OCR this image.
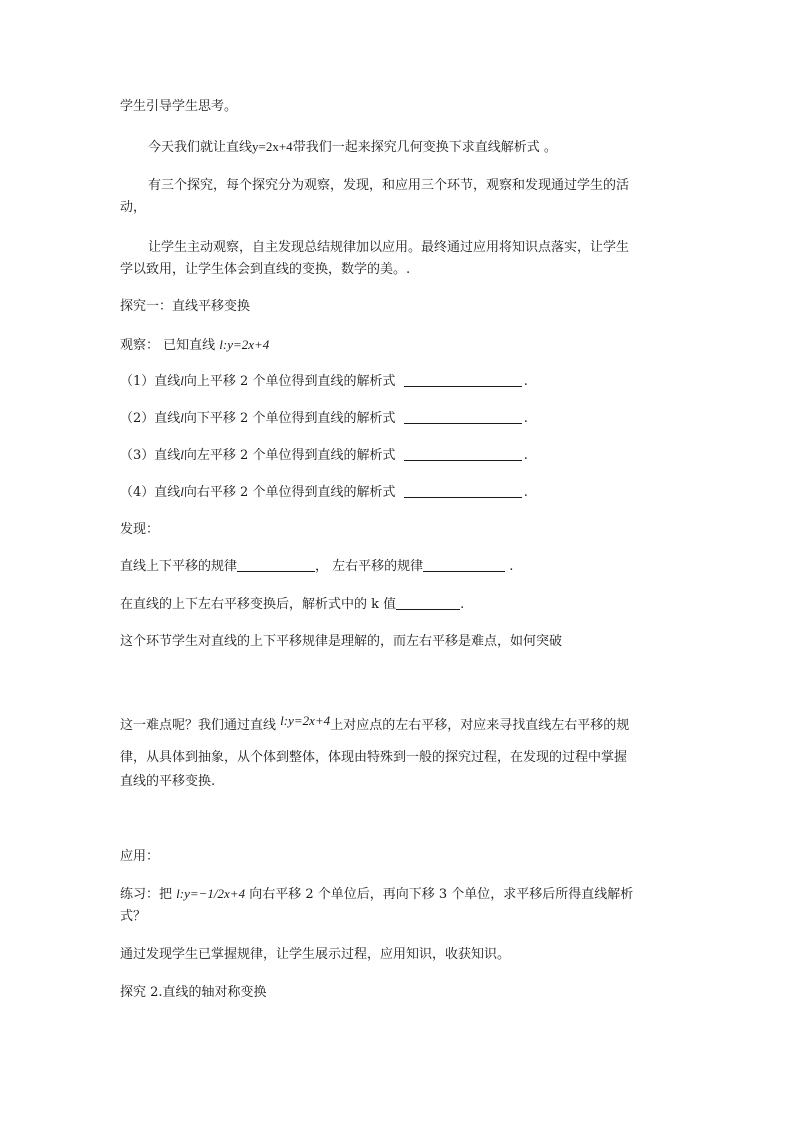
学生引导学生思考。
今天我们就让直线y=2x+4带我们一起来探究几何变换下求直线解析式 。
有三个探究，每个探究分为观察，发现，和应用三个环节，观察和发现通过学生的活
动，
让学生主动观察，自主发现总结规律加以应用。最终通过应用将知识点落实，让学生
学以致用，让学生体会到直线的变换，数学的美。.
探究一：直线平移变换
观察： 已知直线 l:y=2x+4
（1）直线l向上平移 2 个单位得到直线的解析式	.
（2）直线l向下平移 2 个单位得到直线的解析式	.
（3）直线l向左平移 2 个单位得到直线的解析式	.
（4）直线l向右平移 2 个单位得到直线的解析式	.
发现：
直线上下平移的规律	， 左右平移的规律	.
在直线的上下左右平移变换后，解析式中的 k 值	.
这个环节学生对直线的上下平移规律是理解的，而左右平移是难点，如何突破
这一难点呢？我们通过直线 l:y=2x+4上对应点的左右平移，对应来寻找直线左右平移的规
律，从具体到抽象，从个体到整体，体现由特殊到一般的探究过程，在发现的过程中掌握
直线的平移变换.
应用：
练习：把 l:y=−1/2x+4 向右平移 2 个单位后，再向下移 3 个单位，求平移后所得直线解析
式？
通过发现学生已掌握规律，让学生展示过程，应用知识，收获知识。
探究 2.直线的轴对称变换
